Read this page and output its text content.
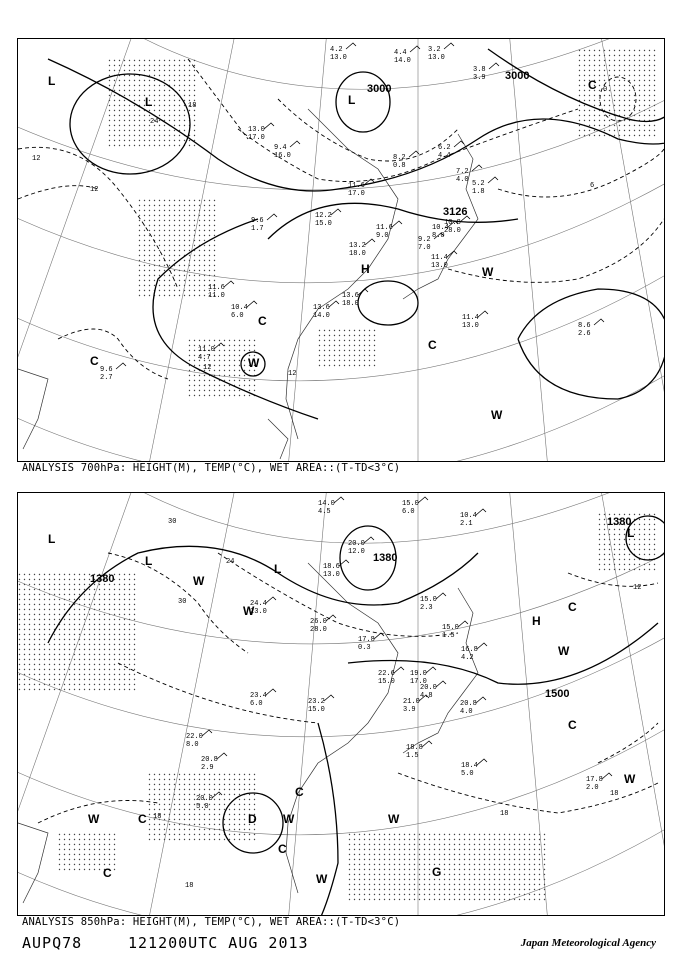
3000
3000
3126
12
12
12
18
24
12
6
0
L
L
H	W
C
C
W
C
W
L
C
4.2
13.0
4.4
14.0
3.2
13.0
3.8
3.9
9.4
16.0
13.0
17.0
11.6
17.0
8.2
0.8
6.2
4.4
7.2
4.0 5.2
1.8
9.6
1.7
12.2
15.0
13.2
18.0
11.6
9.0
10.8
28.0
9.2
7.0
10.4
8.0
11.4
13.0
11.6
11.0
10.4
6.0
13.6
14.0
13.6
18.0
11.4
13.0	8.6
2.6
11.0
4.7
9.6
2.7
ANALYSIS 700hPa: HEIGHT(M), TEMP(°C), WET AREA::(T-TD<3°C)
1380
1380
1380
1500
30
30
24
18
18
12
18
18
L
L
L
H
L
W
W	C
W
W
D
C
C
W
W	W
C
C	G
C
W
14.0
4.5
15.0
6.0	10.4
2.1
20.0
12.0
18.6
13.0
15.0
2.3
15.0
1.5
16.8
4.2
24.4
23.0
26.0
28.0
17.8
0.3
22.6
15.0
19.0
17.0
20.0
4.8
20.8
4.0
23.2
15.0
21.0
3.9
18.8
1.5
18.4
5.0
17.8
2.0
20.8
2.9
20.0
5.0
22.0
8.0
23.4
6.0
ANALYSIS 850hPa: HEIGHT(M), TEMP(°C), WET AREA::(T-TD<3°C)
AUPQ78	121200UTC AUG 2013	Japan Meteorological Agency
